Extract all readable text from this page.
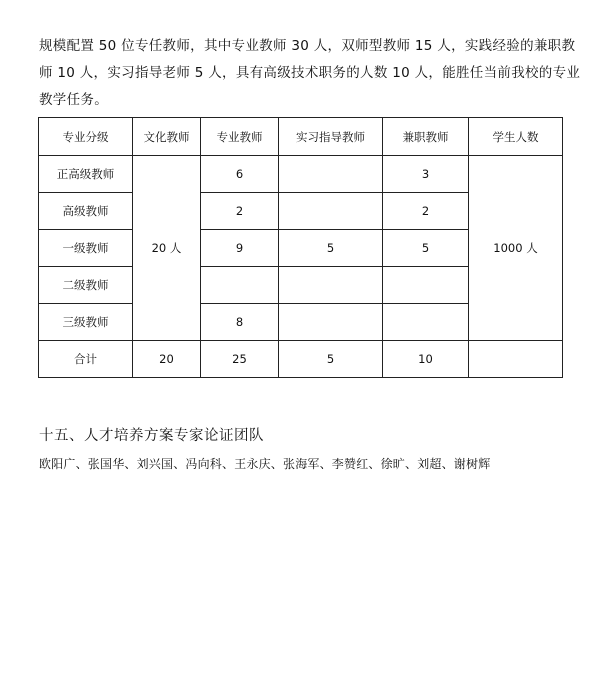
规模配置 50 位专任教师，其中专业教师 30 人，双师型教师 15 人，实践经验的兼职教
师 10 人，实习指导老师 5 人，具有高级技术职务的人数 10 人，能胜任当前我校的专业
教学任务。
专业分级	文化教师	专业教师	实习指导教师	兼职教师	学生人数
正高级教师	20 人	6		3	1000 人
高级教师		2		2	
一级教师		9	5	5	
二级教师					
三级教师		8			
合计	20	25	5	10	
十五、人才培养方案专家论证团队
欧阳广、张国华、刘兴国、冯向科、王永庆、张海军、李赞红、徐旷、刘超、谢树辉
